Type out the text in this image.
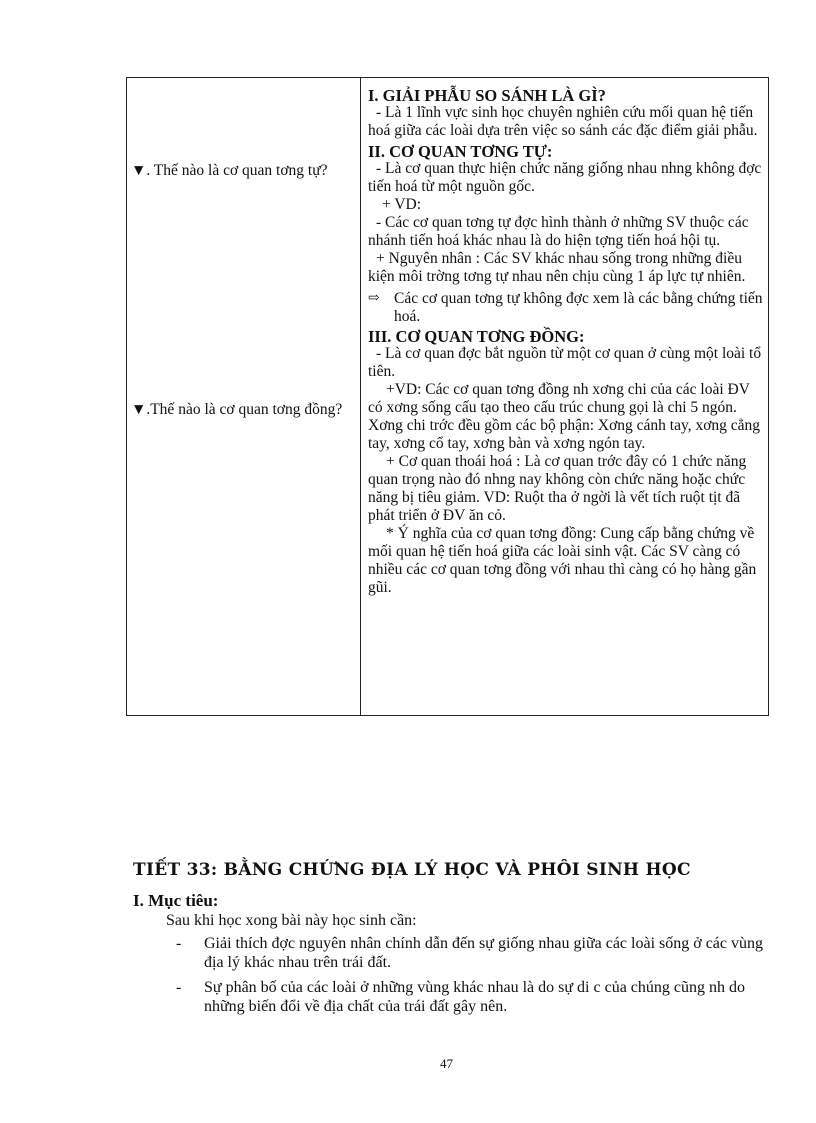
▼. Thế nào là cơ quan tơng tự?
▼.Thế nào là cơ quan tơng đồng?

I. GIẢI PHẪU SO SÁNH LÀ GÌ?

- Là 1 lĩnh vực sinh học chuyên nghiên cứu mối quan hệ tiến hoá giữa các loài dựa trên việc so sánh các đặc điểm giải phẫu.

II. CƠ QUAN TƠNG TỰ:

- Là cơ quan thực hiện chức năng giống nhau nhng không đợc tiến hoá từ một nguồn gốc.

+ VD:

- Các cơ quan tơng tự đợc hình thành ở những SV thuộc các nhánh tiến hoá khác nhau là do hiện tợng tiến hoá hội tụ.

+ Nguyên nhân : Các SV khác nhau sống trong những điều kiện môi trờng tơng tự nhau nên chịu cùng 1 áp lực tự nhiên.

⇨ Các cơ quan tơng tự không đợc xem là các bằng chứng tiến hoá.

III. CƠ QUAN TƠNG ĐỒNG:

- Là cơ quan đợc bắt nguồn từ một cơ quan ở cùng một loài tổ tiên.

+VD: Các cơ quan tơng đồng nh xơng chi của các loài ĐV có xơng sống cấu tạo theo cấu trúc chung gọi là chi 5 ngón. Xơng chi trớc đều gồm các bộ phận: Xơng cánh tay, xơng cẳng tay, xơng cổ tay, xơng bàn và xơng ngón tay.

+ Cơ quan thoái hoá : Là cơ quan trớc đây có 1 chức năng quan trọng nào đó nhng nay không còn chức năng hoặc chức năng bị tiêu giảm. VD: Ruột tha ở ngời là vết tích ruột tịt đã phát triển ở ĐV ăn cỏ.

* Ý nghĩa của cơ quan tơng đồng: Cung cấp bằng chứng về mối quan hệ tiến hoá giữa các loài sinh vật. Các SV càng có nhiều các cơ quan tơng đồng với nhau thì càng có họ hàng gần gũi.

TIẾT 33: BẰNG CHỨNG ĐỊA LÝ HỌC VÀ PHÔI SINH HỌC
I. Mục tiêu:
Sau khi học xong bài này học sinh cần:
-	Giải thích đợc nguyên nhân chính dẫn đến sự giống nhau giữa các loài sống ở các vùng địa lý khác nhau trên trái đất.
-	Sự phân bố của các loài ở những vùng khác nhau là do sự di c của chúng cũng nh do những biến đổi về địa chất của trái đất gây nên.
47
